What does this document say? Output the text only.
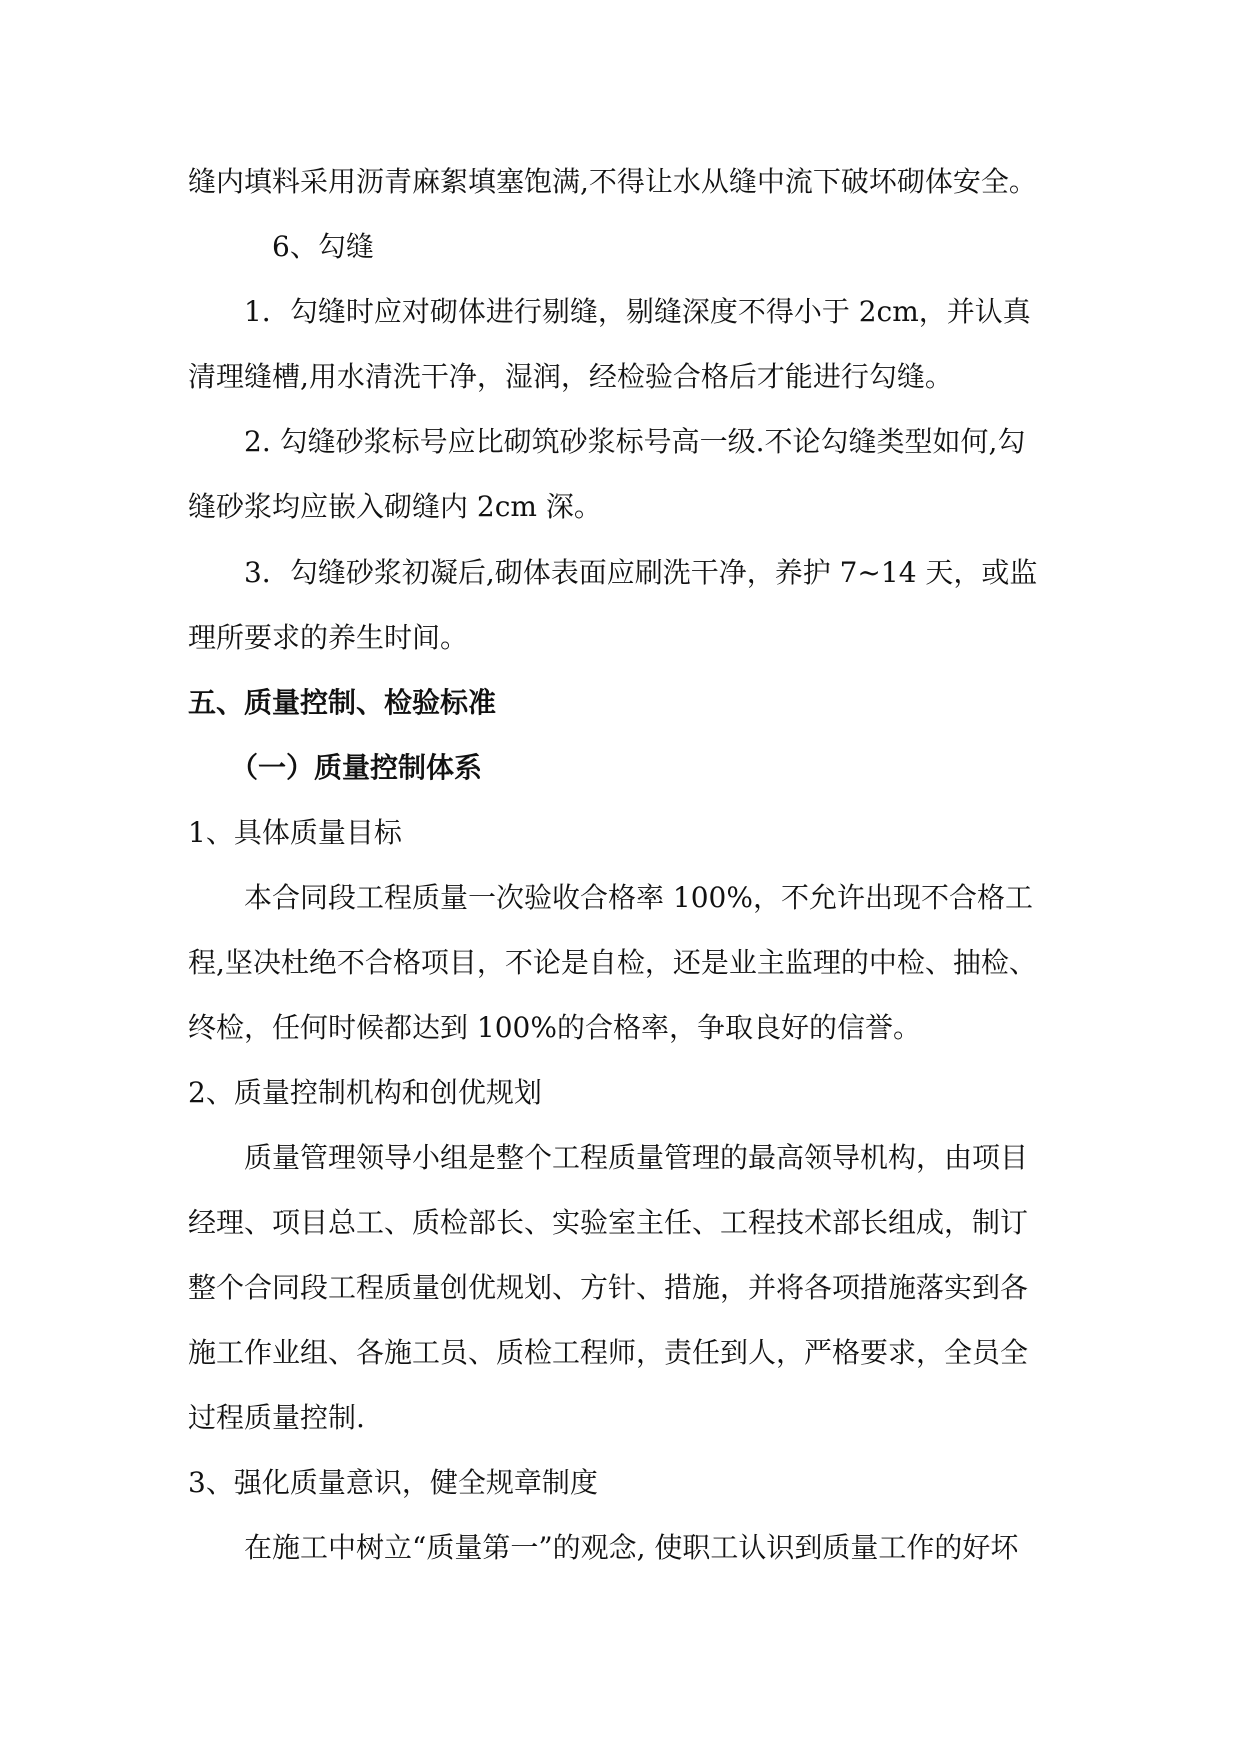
缝内填料采用沥青麻絮填塞饱满,不得让水从缝中流下破坏砌体安全。
6、勾缝
1．勾缝时应对砌体进行剔缝，剔缝深度不得小于 2cm，并认真
清理缝槽,用水清洗干净，湿润，经检验合格后才能进行勾缝。
2. 勾缝砂浆标号应比砌筑砂浆标号高一级.不论勾缝类型如何,勾
缝砂浆均应嵌入砌缝内 2cm 深。
3．勾缝砂浆初凝后,砌体表面应刷洗干净，养护 7~14 天，或监
理所要求的养生时间。
五、质量控制、检验标准
（一）质量控制体系
1、具体质量目标
本合同段工程质量一次验收合格率 100%，不允许出现不合格工
程,坚决杜绝不合格项目，不论是自检，还是业主监理的中检、抽检、
终检，任何时候都达到 100%的合格率，争取良好的信誉。
2、质量控制机构和创优规划
质量管理领导小组是整个工程质量管理的最高领导机构，由项目
经理、项目总工、质检部长、实验室主任、工程技术部长组成，制订
整个合同段工程质量创优规划、方针、措施，并将各项措施落实到各
施工作业组、各施工员、质检工程师，责任到人，严格要求，全员全
过程质量控制.
3、强化质量意识，健全规章制度
在施工中树立“质量第一”的观念, 使职工认识到质量工作的好坏
